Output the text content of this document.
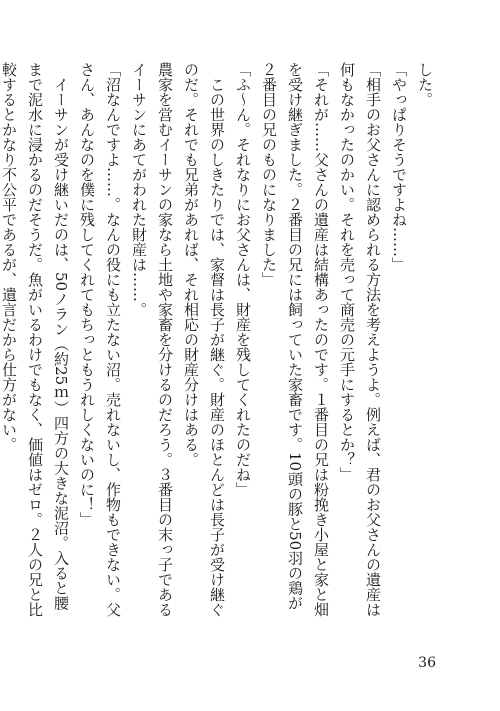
した。

「やっぱりそうですよね……」

「相手のお父さんに認められる方法を考えようよ。例えば、君のお父さんの遺産は何もなかったのかい。それを売って商売の元手にするとか？」

「それが……父さんの遺産は結構あったのです。１番目の兄は粉挽き小屋と家と畑を受け継ぎました。２番目の兄には飼っていた家畜です。10頭の豚と50羽の鶏が２番目の兄のものになりました」

「ふ～ん。それなりにお父さんは、財産を残してくれたのだね」

この世界のしきたりでは、家督は長子が継ぐ。財産のほとんどは長子が受け継ぐのだ。それでも兄弟があれば、それ相応の財産分けはある。

農家を営むイーサンの家なら土地や家畜を分けるのだろう。３番目の末っ子であるイーサンにあてがわれた財産は……。

「沼なんですよ……。なんの役にも立たない沼。売れないし、作物もできない。父さん、あんなのを僕に残してくれてもちっともうれしくないのに！」

イーサンが受け継いだのは、50ノラン（約25ｍ）四方の大きな泥沼。入ると腰まで泥水に浸かるのだそうだ。魚がいるわけでもなく、価値はゼロ。２人の兄と比較するとかなり不公平であるが、遺言だから仕方がない。

36
